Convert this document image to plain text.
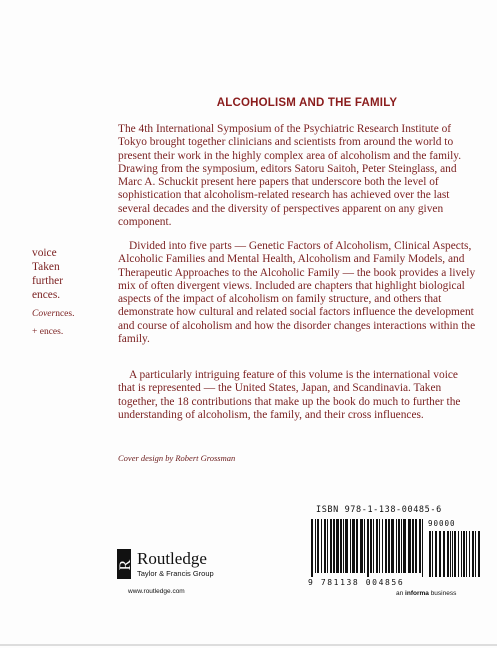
ALCOHOLISM AND THE FAMILY

The 4th International Symposium of the Psychiatric Research Institute of Tokyo brought together clinicians and scientists from around the world to present their work in the highly complex area of alcoholism and the family. Drawing from the symposium, editors Satoru Saitoh, Peter Steinglass, and Marc A. Schuckit present here papers that underscore both the level of sophistication that alcoholism-related research has achieved over the last several decades and the diversity of perspectives apparent on any given component.

Divided into five parts — Genetic Factors of Alcoholism, Clinical Aspects, Alcoholic Families and Mental Health, Alcoholism and Family Models, and Therapeutic Approaches to the Alcoholic Family — the book provides a lively mix of often divergent views. Included are chapters that highlight biological aspects of the impact of alcoholism on family structure, and others that demonstrate how cultural and related social factors influence the development and course of alcoholism and how the disorder changes interactions within the family.

A particularly intriguing feature of this volume is the international voice that is represented — the United States, Japan, and Scandinavia. Taken together, the 18 contributions that make up the book do much to further the understanding of alcoholism, the family, and their cross influences.

Cover design by Robert Grossman
voice
Taken
further
ences.
Covernces.
+ ences.
R Routledge
Taylor & Francis Group
www.routledge.com
ISBN 978-1-138-00485-6
90000
9 781138 004856
an informa business
